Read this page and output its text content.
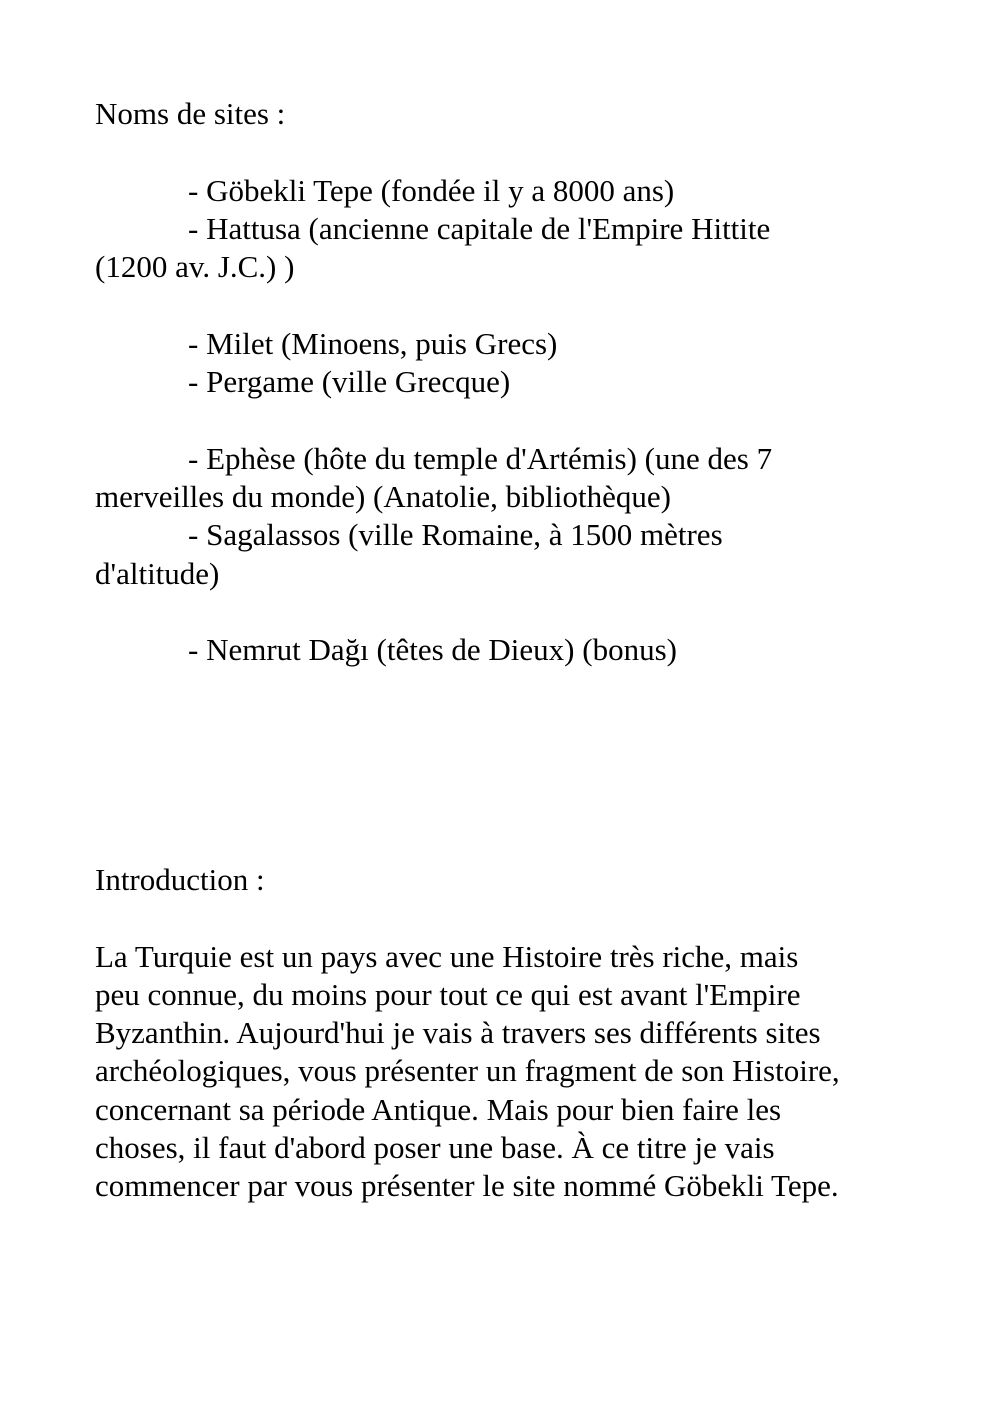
Noms de sites :
- Göbekli Tepe (fondée il y a 8000 ans)
- Hattusa (ancienne capitale de l'Empire Hittite
(1200 av. J.C.) )
- Milet (Minoens, puis Grecs)
- Pergame (ville Grecque)
- Ephèse (hôte du temple d'Artémis) (une des 7
merveilles du monde) (Anatolie, bibliothèque)
- Sagalassos (ville Romaine, à 1500 mètres
d'altitude)
- Nemrut Dağı (têtes de Dieux) (bonus)
Introduction :
La Turquie est un pays avec une Histoire très riche, mais
peu connue, du moins pour tout ce qui est avant l'Empire
Byzanthin. Aujourd'hui je vais à travers ses différents sites
archéologiques, vous présenter un fragment de son Histoire,
concernant sa période Antique. Mais pour bien faire les
choses, il faut d'abord poser une base. À ce titre je vais
commencer par vous présenter le site nommé Göbekli Tepe.
